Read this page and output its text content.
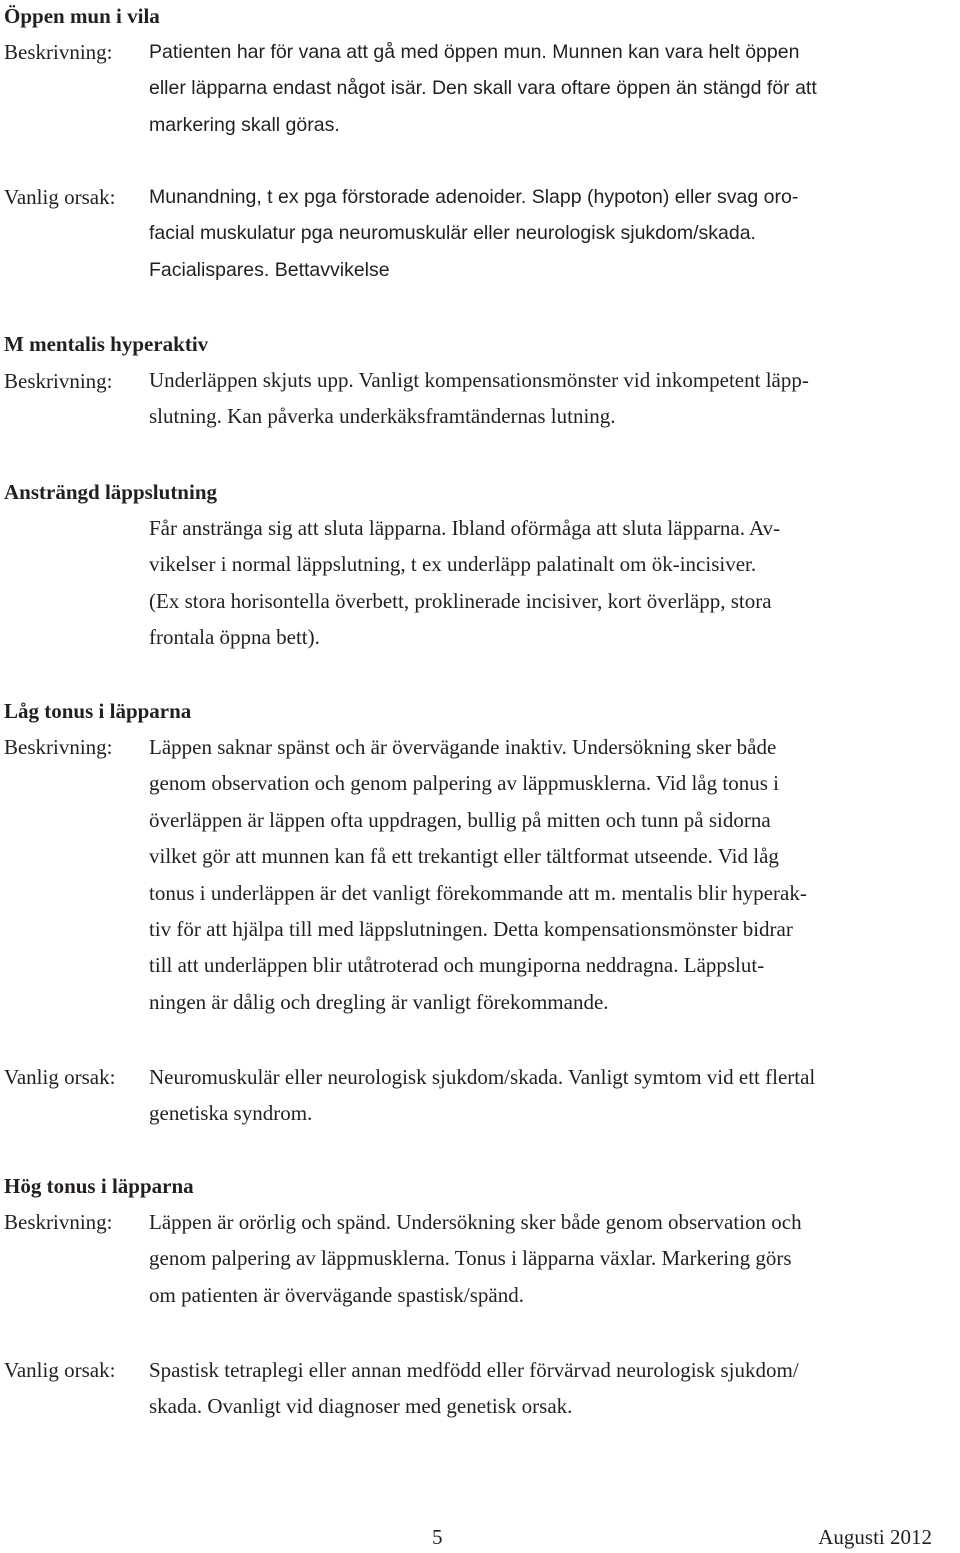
Öppen mun i vila
Beskrivning: Patienten har för vana att gå med öppen mun. Munnen kan vara helt öppen
eller läpparna endast något isär. Den skall vara oftare öppen än stängd för att
markering skall göras.
Vanlig orsak: Munandning, t ex pga förstorade adenoider. Slapp (hypoton) eller svag oro-
facial muskulatur pga neuromuskulär eller neurologisk sjukdom/skada.
Facialispares. Bettavvikelse
M mentalis hyperaktiv
Beskrivning: Underläppen skjuts upp. Vanligt kompensationsmönster vid inkompetent läpp-
slutning. Kan påverka underkäksframtändernas lutning.
Ansträngd läppslutning
Får anstränga sig att sluta läpparna. Ibland oförmåga att sluta läpparna. Av-
vikelser i normal läppslutning, t ex underläpp palatinalt om ök-incisiver.
(Ex stora horisontella överbett, proklinerade incisiver, kort överläpp, stora
frontala öppna bett).
Låg tonus i läpparna
Beskrivning: Läppen saknar spänst och är övervägande inaktiv. Undersökning sker både
genom observation och genom palpering av läppmusklerna. Vid låg tonus i
överläppen är läppen ofta uppdragen, bullig på mitten och tunn på sidorna
vilket gör att munnen kan få ett trekantigt eller tältformat utseende. Vid låg
tonus i underläppen är det vanligt förekommande att m. mentalis blir hyperak-
tiv för att hjälpa till med läppslutningen. Detta kompensationsmönster bidrar
till att underläppen blir utåtroterad och mungiporna neddragna. Läppslut-
ningen är dålig och dregling är vanligt förekommande.
Vanlig orsak: Neuromuskulär eller neurologisk sjukdom/skada. Vanligt symtom vid ett flertal
genetiska syndrom.
Hög tonus i läpparna
Beskrivning: Läppen är orörlig och spänd. Undersökning sker både genom observation och
genom palpering av läppmusklerna. Tonus i läpparna växlar. Markering görs
om patienten är övervägande spastisk/spänd.
Vanlig orsak: Spastisk tetraplegi eller annan medfödd eller förvärvad neurologisk sjukdom/
skada. Ovanligt vid diagnoser med genetisk orsak.
5	Augusti 2012
